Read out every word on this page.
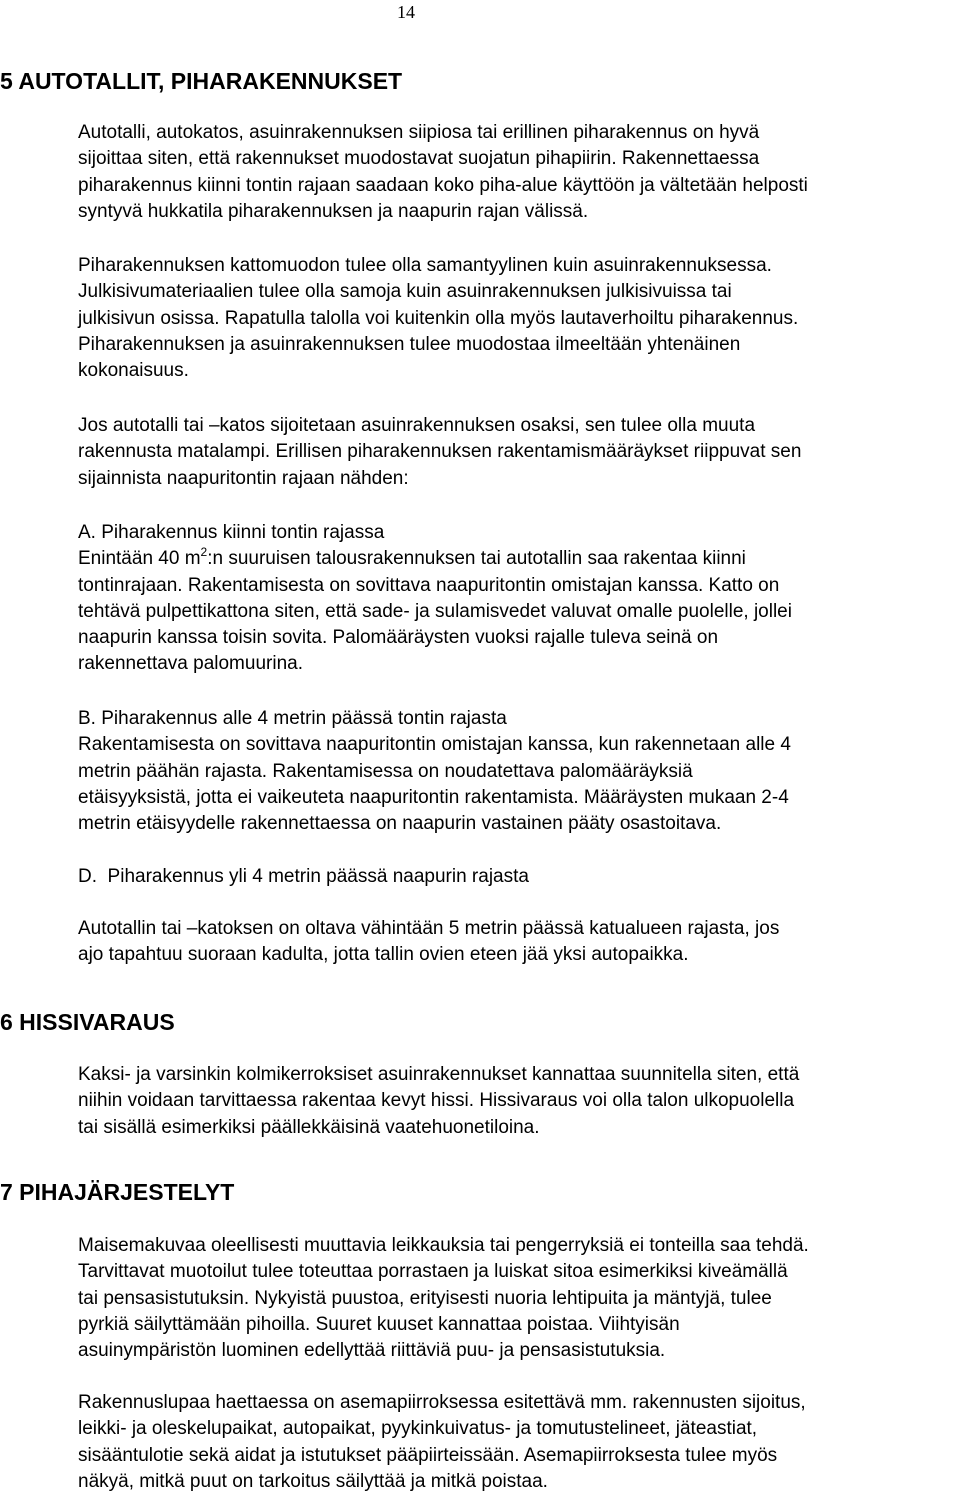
14
5 AUTOTALLIT, PIHARAKENNUKSET
Autotalli, autokatos, asuinrakennuksen siipiosa tai erillinen piharakennus on hyvä
sijoittaa siten, että rakennukset muodostavat suojatun pihapiirin. Rakennettaessa
piharakennus kiinni tontin rajaan saadaan koko piha-alue käyttöön ja vältetään helposti
syntyvä hukkatila piharakennuksen ja naapurin rajan välissä.
Piharakennuksen kattomuodon tulee olla samantyylinen kuin asuinrakennuksessa.
Julkisivumateriaalien tulee olla samoja kuin asuinrakennuksen julkisivuissa tai
julkisivun osissa. Rapatulla talolla voi kuitenkin olla myös lautaverhoiltu piharakennus.
Piharakennuksen ja asuinrakennuksen tulee muodostaa ilmeeltään yhtenäinen
kokonaisuus.
Jos autotalli tai –katos sijoitetaan asuinrakennuksen osaksi, sen tulee olla muuta
rakennusta matalampi. Erillisen piharakennuksen rakentamismääräykset riippuvat sen
sijainnista naapuritontin rajaan nähden:
A. Piharakennus kiinni tontin rajassa
Enintään 40 $m^2:n$ suuruisen talousrakennuksen tai autotallin saa rakentaa kiinni
tontinrajaan. Rakentamisesta on sovittava naapuritontin omistajan kanssa. Katto on
tehtävä pulpettikattona siten, että sade- ja sulamisvedet valuvat omalle puolelle, jollei
naapurin kanssa toisin sovita. Palomääräysten vuoksi rajalle tuleva seinä on
rakennettava palomuurina.
B. Piharakennus alle 4 metrin päässä tontin rajasta
Rakentamisesta on sovittava naapuritontin omistajan kanssa, kun rakennetaan alle 4
metrin päähän rajasta. Rakentamisessa on noudatettava palomääräyksiä
etäisyyksistä, jotta ei vaikeuteta naapuritontin rakentamista. Määräysten mukaan 2-4
metrin etäisyydelle rakennettaessa on naapurin vastainen pääty osastoitava.
D.  Piharakennus yli 4 metrin päässä naapurin rajasta
Autotallin tai –katoksen on oltava vähintään 5 metrin päässä katualueen rajasta, jos
ajo tapahtuu suoraan kadulta, jotta tallin ovien eteen jää yksi autopaikka.
6 HISSIVARAUS
Kaksi- ja varsinkin kolmikerroksiset asuinrakennukset kannattaa suunnitella siten, että
niihin voidaan tarvittaessa rakentaa kevyt hissi. Hissivaraus voi olla talon ulkopuolella
tai sisällä esimerkiksi päällekkäisinä vaatehuonetiloina.
7 PIHAJÄRJESTELYT
Maisemakuvaa oleellisesti muuttavia leikkauksia tai pengerryksiä ei tonteilla saa tehdä.
Tarvittavat muotoilut tulee toteuttaa porrastaen ja luiskat sitoa esimerkiksi kiveämällä
tai pensasistutuksin. Nykyistä puustoa, erityisesti nuoria lehtipuita ja mäntyjä, tulee
pyrkiä säilyttämään pihoilla. Suuret kuuset kannattaa poistaa. Viihtyisän
asuinympäristön luominen edellyttää riittäviä puu- ja pensasistutuksia.
Rakennuslupaa haettaessa on asemapiirroksessa esitettävä mm. rakennusten sijoitus,
leikki- ja oleskelupaikat, autopaikat, pyykinkuivatus- ja tomutustelineet, jäteastiat,
sisääntulotie sekä aidat ja istutukset pääpiirteissään. Asemapiirroksesta tulee myös
näkyä, mitkä puut on tarkoitus säilyttää ja mitkä poistaa.
